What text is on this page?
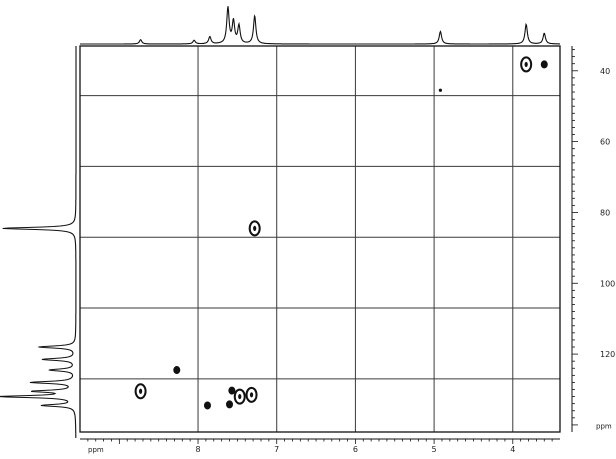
8	7	6	5	4
ppm
40
60
80
100
120
ppm
